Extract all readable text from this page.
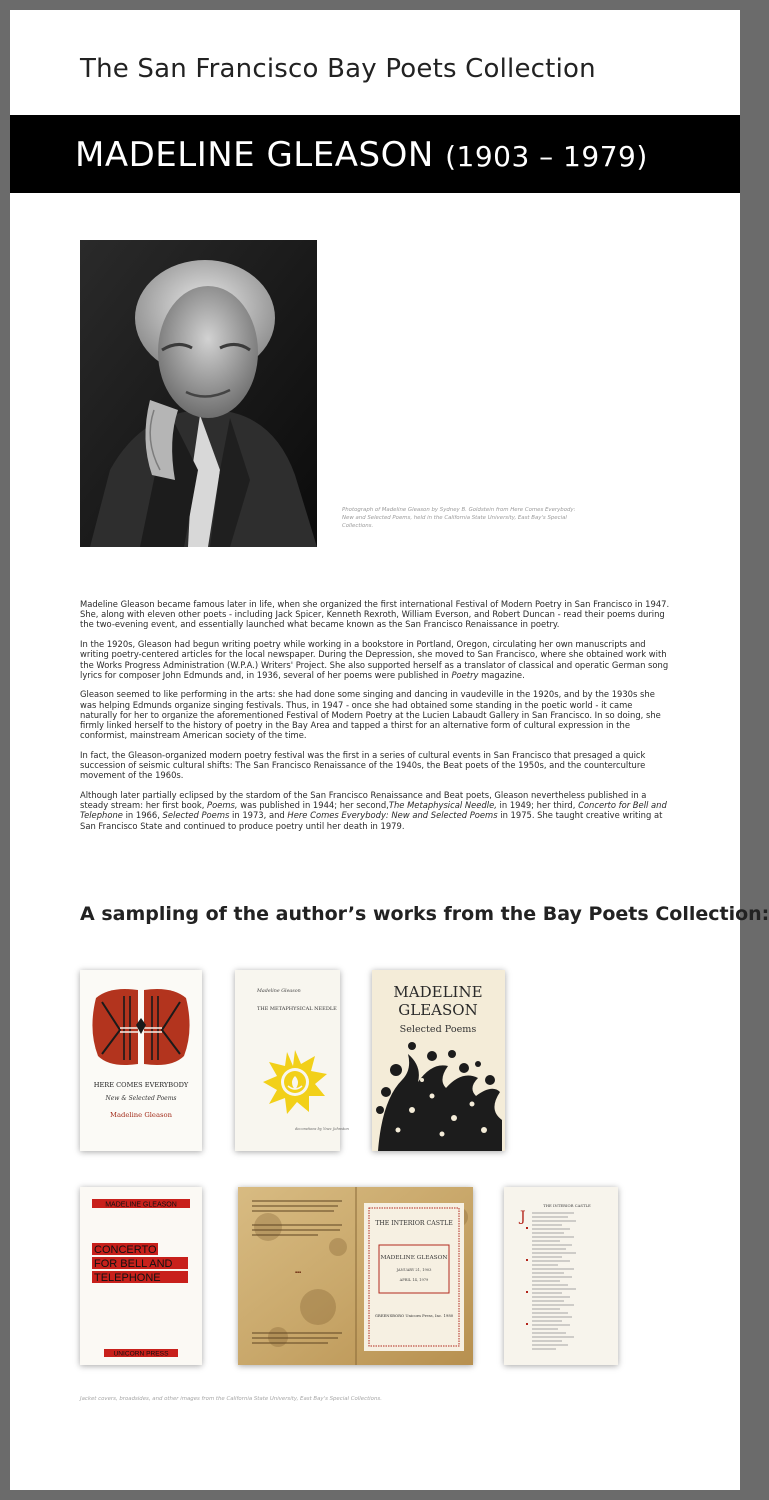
The San Francisco Bay Poets Collection
MADELINE GLEASON (1903 – 1979)
Photograph of Madeline Gleason by Sydney B. Goldstein from Here Comes Everybody:
New and Selected Poems, held in the California State University, East Bay's Special Collections.

Madeline Gleason became famous later in life, when she organized the first international Festival of Modern Poetry in San Francisco in 1947. She, along with eleven other poets - including Jack Spicer, Kenneth Rexroth, William Everson, and Robert Duncan - read their poems during the two-evening event, and essentially launched what became known as the San Francisco Renaissance in poetry.

In the 1920s, Gleason had begun writing poetry while working in a bookstore in Portland, Oregon, circulating her own manuscripts and writing poetry-centered articles for the local newspaper. During the Depression, she moved to San Francisco, where she obtained work with the Works Progress Administration (W.P.A.) Writers' Project. She also supported herself as a translator of classical and operatic German song lyrics for composer John Edmunds and, in 1936, several of her poems were published in Poetry magazine.

Gleason seemed to like performing in the arts: she had done some singing and dancing in vaudeville in the 1920s, and by the 1930s she was helping Edmunds organize singing festivals. Thus, in 1947 - once she had obtained some standing in the poetic world - it came naturally for her to organize the aforementioned Festival of Modern Poetry at the Lucien Labaudt Gallery in San Francisco. In so doing, she firmly linked herself to the history of poetry in the Bay Area and tapped a thirst for an alternative form of cultural expression in the conformist, mainstream American society of the time.

In fact, the Gleason-organized modern poetry festival was the first in a series of cultural events in San Francisco that presaged a quick succession of seismic cultural shifts: The San Francisco Renaissance of the 1940s, the Beat poets of the 1950s, and the counterculture movement of the 1960s.

Although later partially eclipsed by the stardom of the San Francisco Renaissance and Beat poets, Gleason nevertheless published in a steady stream: her first book, Poems, was published in 1944; her second,The Metaphysical Needle, in 1949; her third, Concerto for Bell and Telephone in 1966, Selected Poems in 1973, and Here Comes Everybody: New and Selected Poems in 1975. She taught creative writing at San Francisco State and continued to produce poetry until her death in 1979.

A sampling of the author’s works from the Bay Poets Collection:
HERE COMES EVERYBODY
New & Selected Poems
Madeline Gleason
Madeline Gleason
THE METAPHYSICAL NEEDLE
decorations by Ynez Johnston
MADELINE
GLEASON
Selected Poems
MADELINE GLEASON
CONCERTO
FOR BELL AND
TELEPHONE
UNICORN PRESS
▪▪▪
THE INTERIOR CASTLE
MADELINE GLEASON
JANUARY 21, 1903
APRIL 14, 1979
GREENSBORO Unicorn Press, Inc. 1980
THE INTERIOR CASTLE
J
Jacket covers, broadsides, and other images from the California State University, East Bay's Special Collections.
